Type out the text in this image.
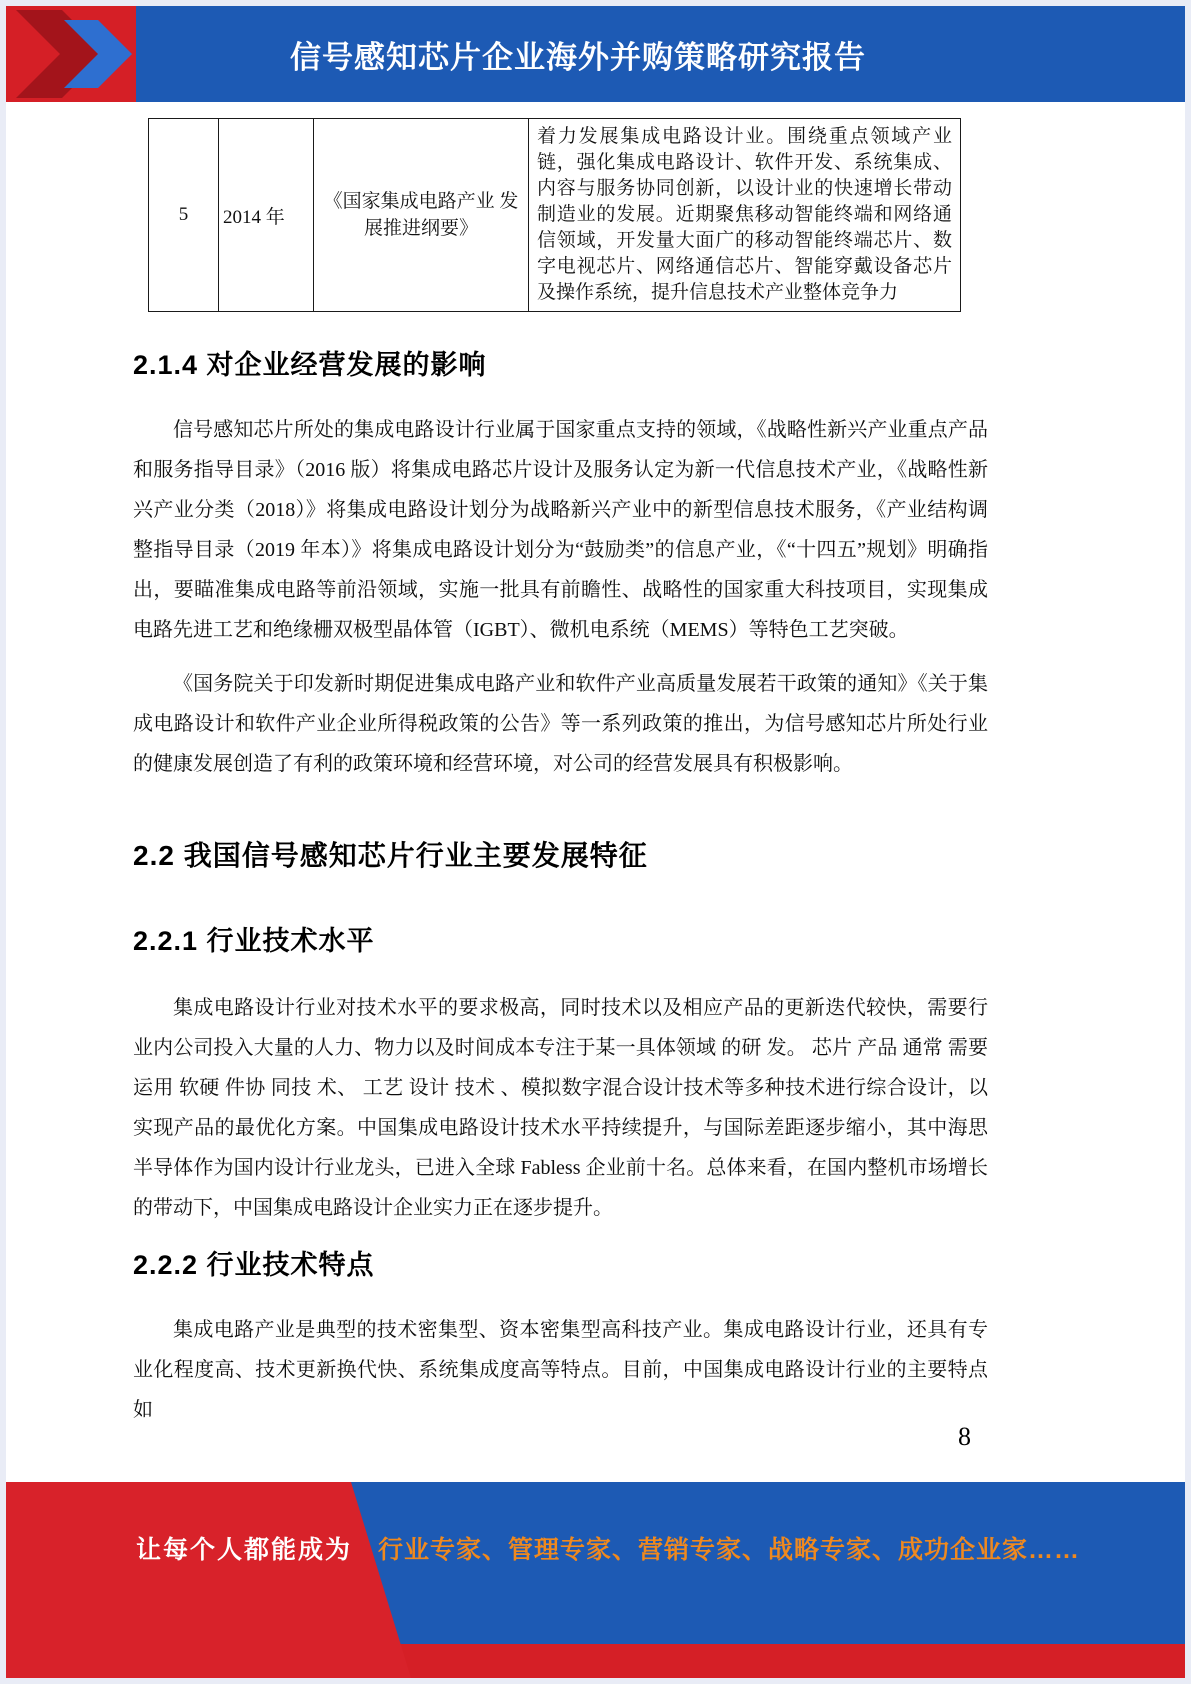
信号感知芯片企业海外并购策略研究报告
5	2014 年	《国家集成电路产业 发展推进纲要》	着力发展集成电路设计业。围绕重点领域产业 链，强化集成电路设计、软件开发、系统集成、 内容与服务协同创新，以设计业的快速增长带动 制造业的发展。近期聚焦移动智能终端和网络通 信领域，开发量大面广的移动智能终端芯片、数 字电视芯片、网络通信芯片、智能穿戴设备芯片 及操作系统，提升信息技术产业整体竞争力
2.1.4 对企业经营发展的影响

信号感知芯片所处的集成电路设计行业属于国家重点支持的领域，《战略性新兴产业重点产品和服务指导目录》（2016 版）将集成电路芯片设计及服务认定为新一代信息技术产业，《战略性新兴产业分类（2018）》将集成电路设计划分为战略新兴产业中的新型信息技术服务，《产业结构调整指导目录（2019 年本）》将集成电路设计划分为“鼓励类”的信息产业，《“十四五”规划》明确指出，要瞄准集成电路等前沿领域，实施一批具有前瞻性、战略性的国家重大科技项目，实现集成电路先进工艺和绝缘栅双极型晶体管（IGBT）、微机电系统（MEMS）等特色工艺突破。

《国务院关于印发新时期促进集成电路产业和软件产业高质量发展若干政策的通知》《关于集成电路设计和软件产业企业所得税政策的公告》等一系列政策的推出，为信号感知芯片所处行业的健康发展创造了有利的政策环境和经营环境，对公司的经营发展具有积极影响。

2.2 我国信号感知芯片行业主要发展特征
2.2.1 行业技术水平

集成电路设计行业对技术水平的要求极高，同时技术以及相应产品的更新迭代较快，需要行业内公司投入大量的人力、物力以及时间成本专注于某一具体领域 的研 发。 芯片 产品 通常 需要运用 软硬 件协 同技 术、 工艺 设计 技术 、模拟数字混合设计技术等多种技术进行综合设计，以实现产品的最优化方案。中国集成电路设计技术水平持续提升，与国际差距逐步缩小，其中海思半导体作为国内设计行业龙头，已进入全球 Fabless 企业前十名。总体来看，在国内整机市场增长的带动下，中国集成电路设计企业实力正在逐步提升。

2.2.2 行业技术特点

集成电路产业是典型的技术密集型、资本密集型高科技产业。集成电路设计行业，还具有专业化程度高、技术更新换代快、系统集成度高等特点。目前，中国集成电路设计行业的主要特点如

8
让每个人都能成为 行业专家、管理专家、营销专家、战略专家、成功企业家……
